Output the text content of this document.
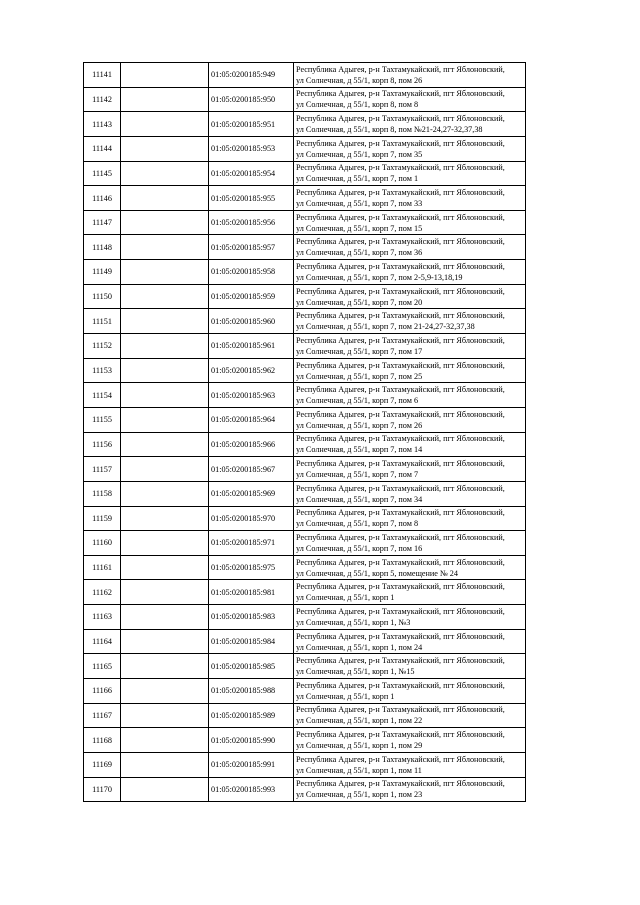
11141		01:05:0200185:949	Республика Адыгея, р-н Тахтамукайский, пгт Яблоновский,
ул Солнечная, д 55/1, корп 8, пом 26

11142		01:05:0200185:950	Республика Адыгея, р-н Тахтамукайский, пгт Яблоновский,
ул Солнечная, д 55/1, корп 8, пом 8

11143		01:05:0200185:951	Республика Адыгея, р-н Тахтамукайский, пгт Яблоновский,
ул Солнечная, д 55/1, корп 8, пом №21-24,27-32,37,38

11144		01:05:0200185:953	Республика Адыгея, р-н Тахтамукайский, пгт Яблоновский,
ул Солнечная, д 55/1, корп 7, пом 35

11145		01:05:0200185:954	Республика Адыгея, р-н Тахтамукайский, пгт Яблоновский,
ул Солнечная, д 55/1, корп 7, пом 1

11146		01:05:0200185:955	Республика Адыгея, р-н Тахтамукайский, пгт Яблоновский,
ул Солнечная, д 55/1, корп 7, пом 33

11147		01:05:0200185:956	Республика Адыгея, р-н Тахтамукайский, пгт Яблоновский,
ул Солнечная, д 55/1, корп 7, пом 15

11148		01:05:0200185:957	Республика Адыгея, р-н Тахтамукайский, пгт Яблоновский,
ул Солнечная, д 55/1, корп 7, пом 36

11149		01:05:0200185:958	Республика Адыгея, р-н Тахтамукайский, пгт Яблоновский,
ул Солнечная, д 55/1, корп 7, пом 2-5,9-13,18,19

11150		01:05:0200185:959	Республика Адыгея, р-н Тахтамукайский, пгт Яблоновский,
ул Солнечная, д 55/1, корп 7, пом 20

11151		01:05:0200185:960	Республика Адыгея, р-н Тахтамукайский, пгт Яблоновский,
ул Солнечная, д 55/1, корп 7, пом 21-24,27-32,37,38

11152		01:05:0200185:961	Республика Адыгея, р-н Тахтамукайский, пгт Яблоновский,
ул Солнечная, д 55/1, корп 7, пом 17

11153		01:05:0200185:962	Республика Адыгея, р-н Тахтамукайский, пгт Яблоновский,
ул Солнечная, д 55/1, корп 7, пом 25

11154		01:05:0200185:963	Республика Адыгея, р-н Тахтамукайский, пгт Яблоновский,
ул Солнечная, д 55/1, корп 7, пом 6

11155		01:05:0200185:964	Республика Адыгея, р-н Тахтамукайский, пгт Яблоновский,
ул Солнечная, д 55/1, корп 7, пом 26

11156		01:05:0200185:966	Республика Адыгея, р-н Тахтамукайский, пгт Яблоновский,
ул Солнечная, д 55/1, корп 7, пом 14

11157		01:05:0200185:967	Республика Адыгея, р-н Тахтамукайский, пгт Яблоновский,
ул Солнечная, д 55/1, корп 7, пом 7

11158		01:05:0200185:969	Республика Адыгея, р-н Тахтамукайский, пгт Яблоновский,
ул Солнечная, д 55/1, корп 7, пом 34

11159		01:05:0200185:970	Республика Адыгея, р-н Тахтамукайский, пгт Яблоновский,
ул Солнечная, д 55/1, корп 7, пом 8

11160		01:05:0200185:971	Республика Адыгея, р-н Тахтамукайский, пгт Яблоновский,
ул Солнечная, д 55/1, корп 7, пом 16

11161		01:05:0200185:975	Республика Адыгея, р-н Тахтамукайский, пгт Яблоновский,
ул Солнечная, д 55/1, корп 5, помещение № 24

11162		01:05:0200185:981	Республика Адыгея, р-н Тахтамукайский, пгт Яблоновский,
ул Солнечная, д 55/1, корп 1

11163		01:05:0200185:983	Республика Адыгея, р-н Тахтамукайский, пгт Яблоновский,
ул Солнечная, д 55/1, корп 1, №3

11164		01:05:0200185:984	Республика Адыгея, р-н Тахтамукайский, пгт Яблоновский,
ул Солнечная, д 55/1, корп 1, пом 24

11165		01:05:0200185:985	Республика Адыгея, р-н Тахтамукайский, пгт Яблоновский,
ул Солнечная, д 55/1, корп 1, №15

11166		01:05:0200185:988	Республика Адыгея, р-н Тахтамукайский, пгт Яблоновский,
ул Солнечная, д 55/1, корп 1

11167		01:05:0200185:989	Республика Адыгея, р-н Тахтамукайский, пгт Яблоновский,
ул Солнечная, д 55/1, корп 1, пом 22

11168		01:05:0200185:990	Республика Адыгея, р-н Тахтамукайский, пгт Яблоновский,
ул Солнечная, д 55/1, корп 1, пом 29

11169		01:05:0200185:991	Республика Адыгея, р-н Тахтамукайский, пгт Яблоновский,
ул Солнечная, д 55/1, корп 1, пом 11

11170		01:05:0200185:993	Республика Адыгея, р-н Тахтамукайский, пгт Яблоновский,
ул Солнечная, д 55/1, корп 1, пом 23
